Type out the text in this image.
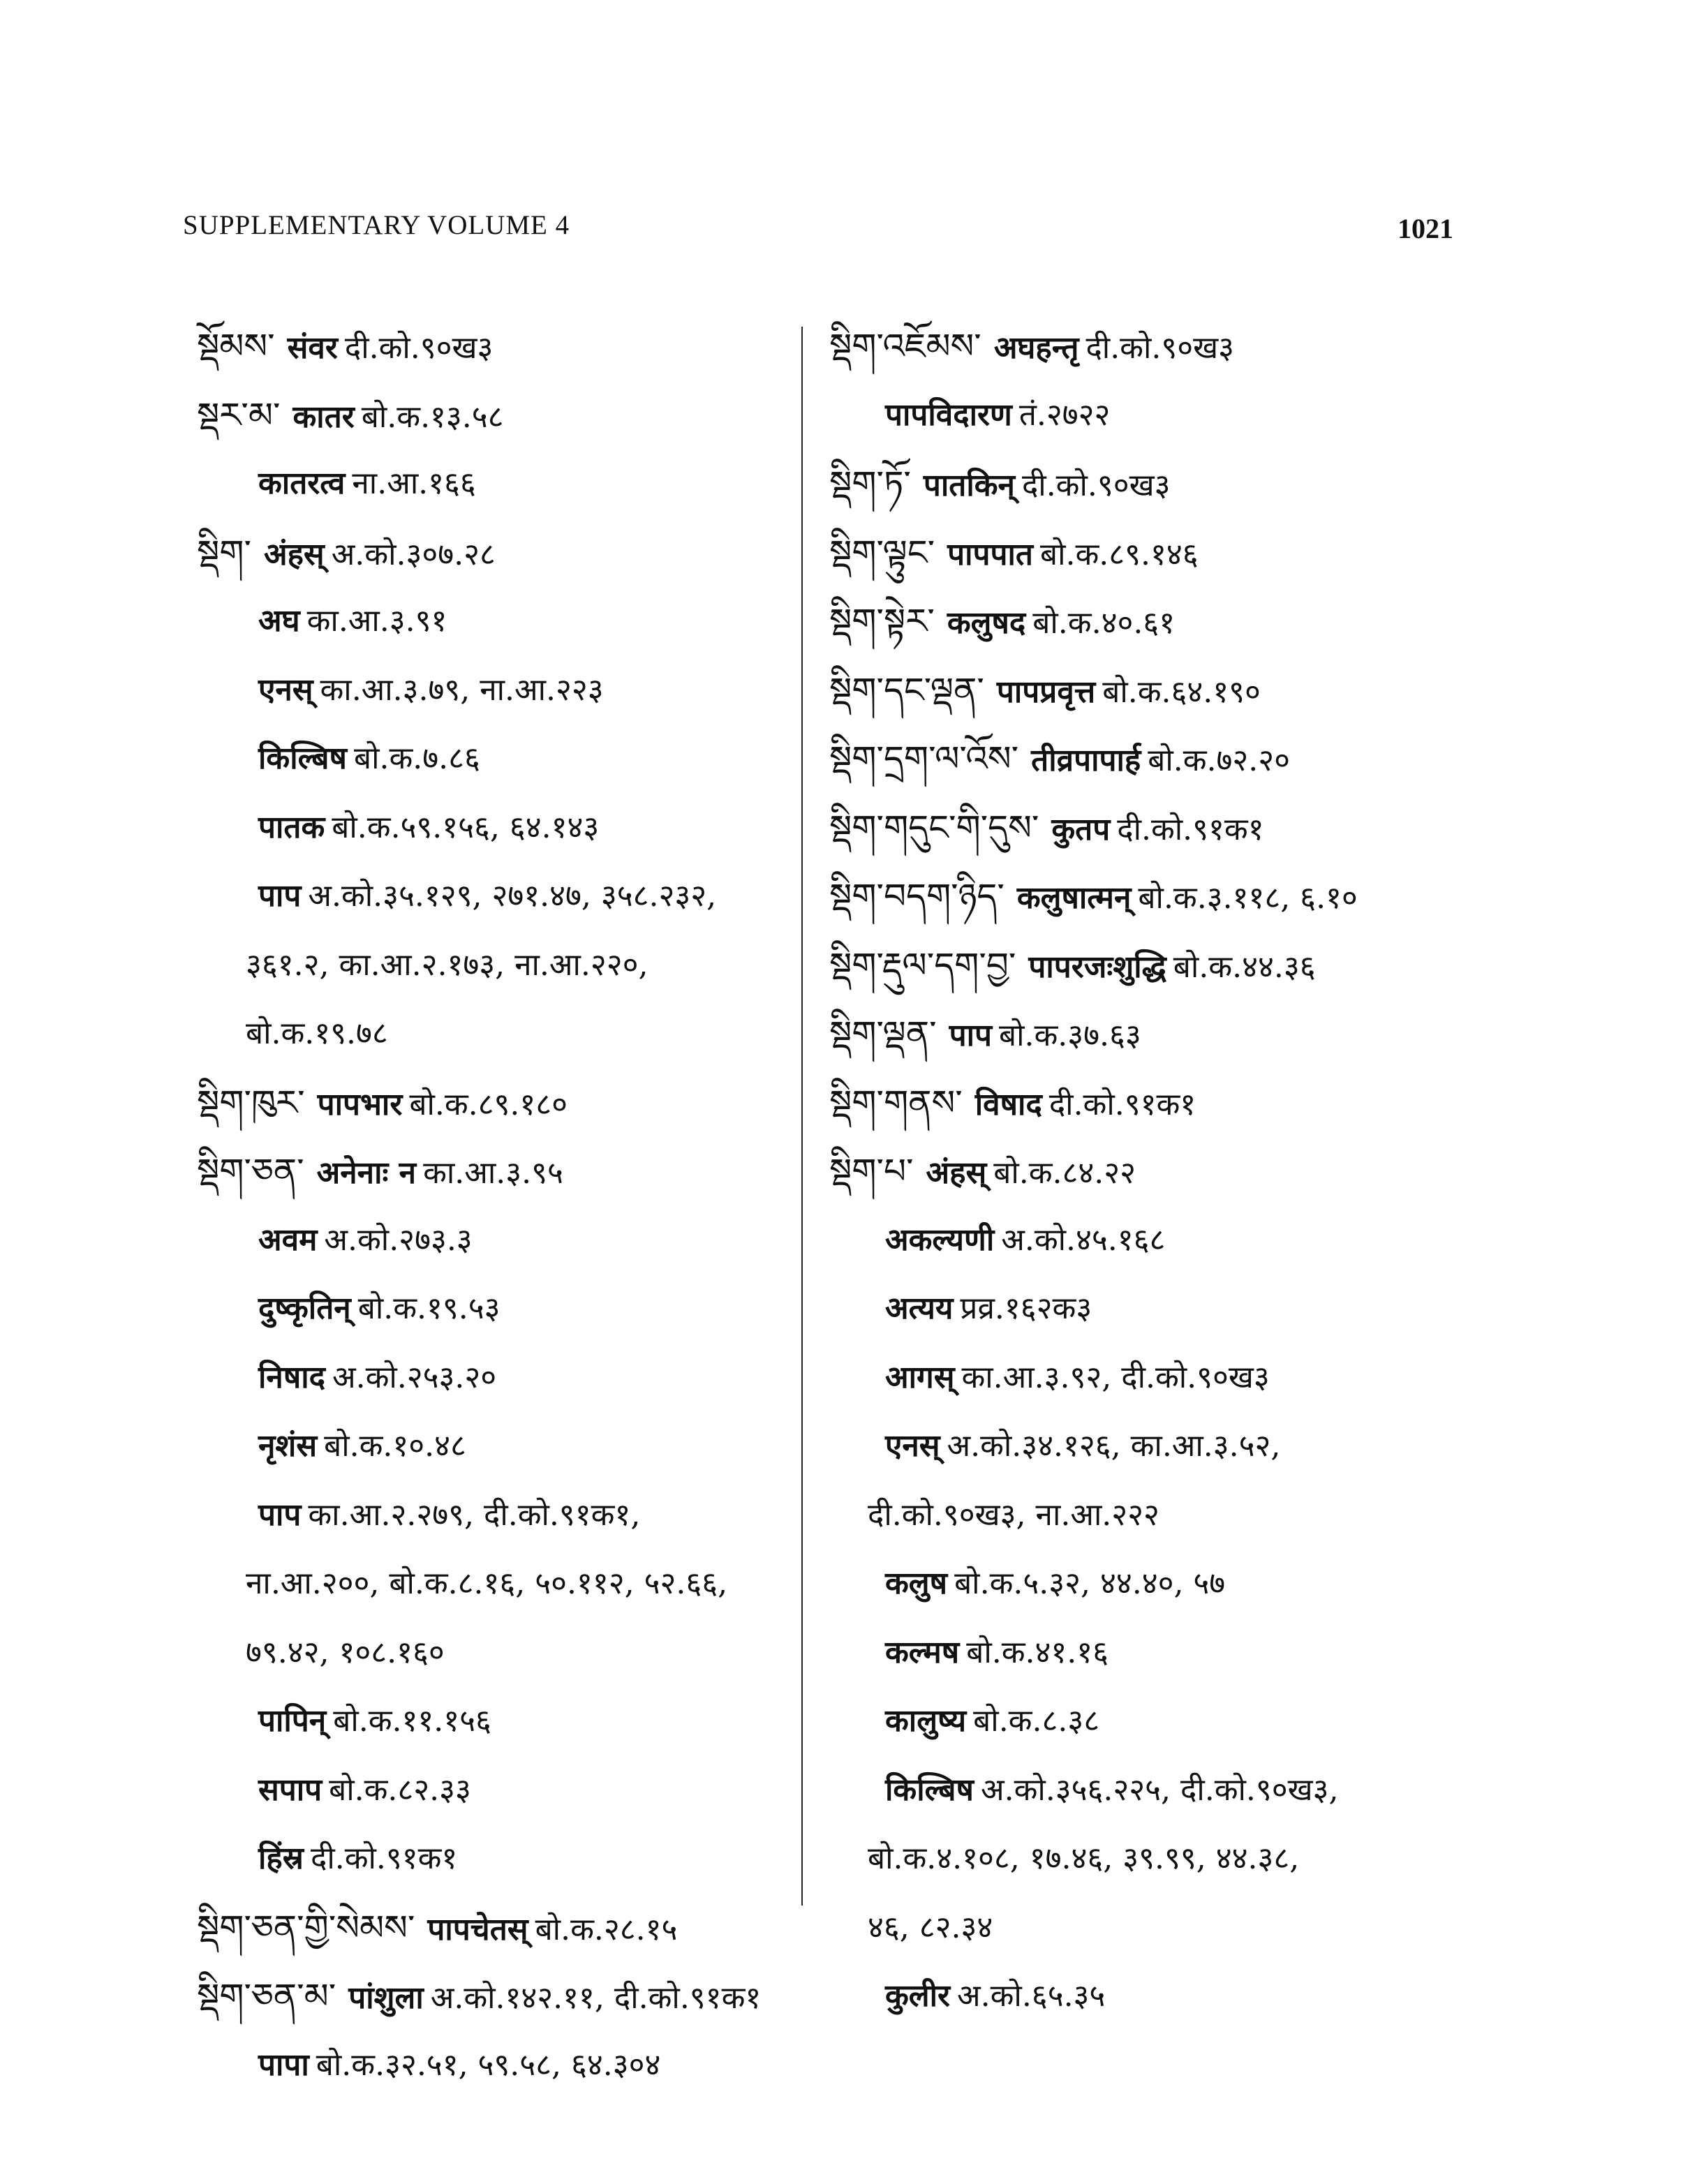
SUPPLEMENTARY VOLUME 4	1021
སྡོམས་ संवर दी.को.९०ख३
སྡར་མ་ कातर बो.क.१३.५८
कातरत्व ना.आ.१६६
སྡིག་ अंहस् अ.को.३०७.२८
अघ का.आ.३.९१
एनस् का.आ.३.७९, ना.आ.२२३
किल्बिष बो.क.७.८६
पातक बो.क.५९.१५६, ६४.१४३
पाप अ.को.३५.१२९, २७१.४७, ३५८.२३२,
३६१.२, का.आ.२.१७३, ना.आ.२२०,
बो.क.१९.७८
སྡིག་ཁུར་ पापभार बो.क.८९.१८०
སྡིག་ཅན་ अनेनाः न का.आ.३.९५
अवम अ.को.२७३.३
दुष्कृतिन् बो.क.१९.५३
निषाद अ.को.२५३.२०
नृशंस बो.क.१०.४८
पाप का.आ.२.२७९, दी.को.९१क१,
ना.आ.२००, बो.क.८.१६, ५०.११२, ५२.६६,
७९.४२, १०८.१६०
पापिन् बो.क.११.१५६
सपाप बो.क.८२.३३
हिंस्र दी.को.९१क१
སྡིག་ཅན་གྱི་སེམས་ पापचेतस् बो.क.२८.१५
སྡིག་ཅན་མ་ पांशुला अ.को.१४२.११, दी.को.९१क१
पापा बो.क.३२.५१, ५९.५८, ६४.३०४
སྡིག་འཇོམས་ अघहन्तृ दी.को.९०ख३
पापविदारण तं.२७२२
སྡིག་ཏོ་ पातकिन् दी.को.९०ख३
སྡིག་ལྟུང་ पापपात बो.क.८९.१४६
སྡིག་སྟེར་ कलुषद बो.क.४०.६१
སྡིག་དང་ལྡན་ पापप्रवृत्त बो.क.६४.१९०
སྡིག་དྲག་ལ་འོས་ तीव्रपापार्ह बो.क.७२.२०
སྡིག་གདུང་གི་དུས་ कुतप दी.को.९१क१
སྡིག་བདག་ཉིད་ कलुषात्मन् बो.क.३.११८, ६.१०
སྡིག་རྡུལ་དག་བྱ་ पापरजःशुद्धि बो.क.४४.३६
སྡིག་ལྡན་ पाप बो.क.३७.६३
སྡིག་གནས་ विषाद दी.को.९१क१
སྡིག་པ་ अंहस् बो.क.८४.२२
अकल्यणी अ.को.४५.१६८
अत्यय प्रव्र.१६२क३
आगस् का.आ.३.९२, दी.को.९०ख३
एनस् अ.को.३४.१२६, का.आ.३.५२,
दी.को.९०ख३, ना.आ.२२२
कलुष बो.क.५.३२, ४४.४०, ५७
कल्मष बो.क.४१.१६
कालुष्य बो.क.८.३८
किल्बिष अ.को.३५६.२२५, दी.को.९०ख३,
बो.क.४.१०८, १७.४६, ३९.९९, ४४.३८,
४६, ८२.३४
कुलीर अ.को.६५.३५
